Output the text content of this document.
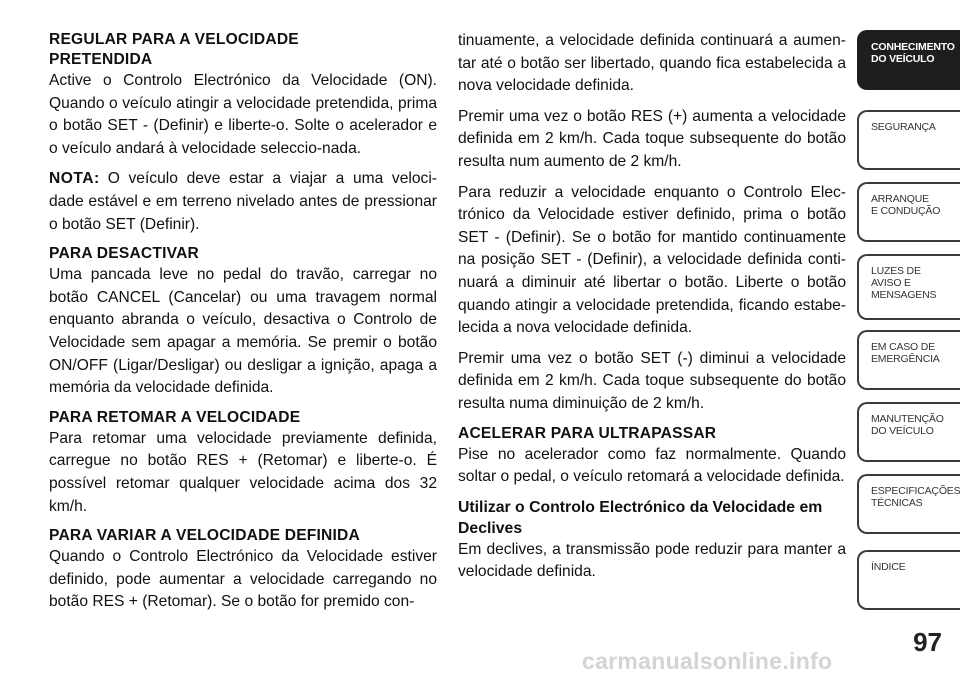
REGULAR PARA A VELOCIDADE
PRETENDIDA

Active o Controlo Electrónico da Velocidade (ON). Quando o veículo atingir a velocidade pretendida, prima o botão SET - (Definir) e liberte-o. Solte o acelerador e o veículo andará à velocidade seleccio-nada.

NOTA: O veículo deve estar a viajar a uma veloci-dade estável e em terreno nivelado antes de pressionar o botão SET (Definir).

PARA DESACTIVAR

Uma pancada leve no pedal do travão, carregar no botão CANCEL (Cancelar) ou uma travagem normal enquanto abranda o veículo, desactiva o Controlo de Velocidade sem apagar a memória. Se premir o botão ON/OFF (Ligar/Desligar) ou desligar a ignição, apaga a memória da velocidade definida.

PARA RETOMAR A VELOCIDADE

Para retomar uma velocidade previamente definida, carregue no botão RES + (Retomar) e liberte-o. É possível retomar qualquer velocidade acima dos 32 km/h.

PARA VARIAR A VELOCIDADE DEFINIDA

Quando o Controlo Electrónico da Velocidade estiver definido, pode aumentar a velocidade carregando no botão RES + (Retomar). Se o botão for premido con-

tinuamente, a velocidade definida continuará a aumen-tar até o botão ser libertado, quando fica estabelecida a nova velocidade definida.

Premir uma vez o botão RES (+) aumenta a velocidade definida em 2 km/h. Cada toque subsequente do botão resulta num aumento de 2 km/h.

Para reduzir a velocidade enquanto o Controlo Elec-trónico da Velocidade estiver definido, prima o botão SET - (Definir). Se o botão for mantido continuamente na posição SET - (Definir), a velocidade definida conti-nuará a diminuir até libertar o botão. Liberte o botão quando atingir a velocidade pretendida, ficando estabe-lecida a nova velocidade definida.

Premir uma vez o botão SET (-) diminui a velocidade definida em 2 km/h. Cada toque subsequente do botão resulta numa diminuição de 2 km/h.

ACELERAR PARA ULTRAPASSAR

Pise no acelerador como faz normalmente. Quando soltar o pedal, o veículo retomará a velocidade definida.

Utilizar o Controlo Electrónico da Velocidade em Declives

Em declives, a transmissão pode reduzir para manter a velocidade definida.

CONHECIMENTO
DO VEÍCULO
SEGURANÇA
ARRANQUE
E CONDUÇÃO
LUZES DE
AVISO E
MENSAGENS
EM CASO DE
EMERGÊNCIA
MANUTENÇÃO
DO VEÍCULO
ESPECIFICAÇÕES
TÉCNICAS
ÍNDICE
97
carmanualsonline.info
